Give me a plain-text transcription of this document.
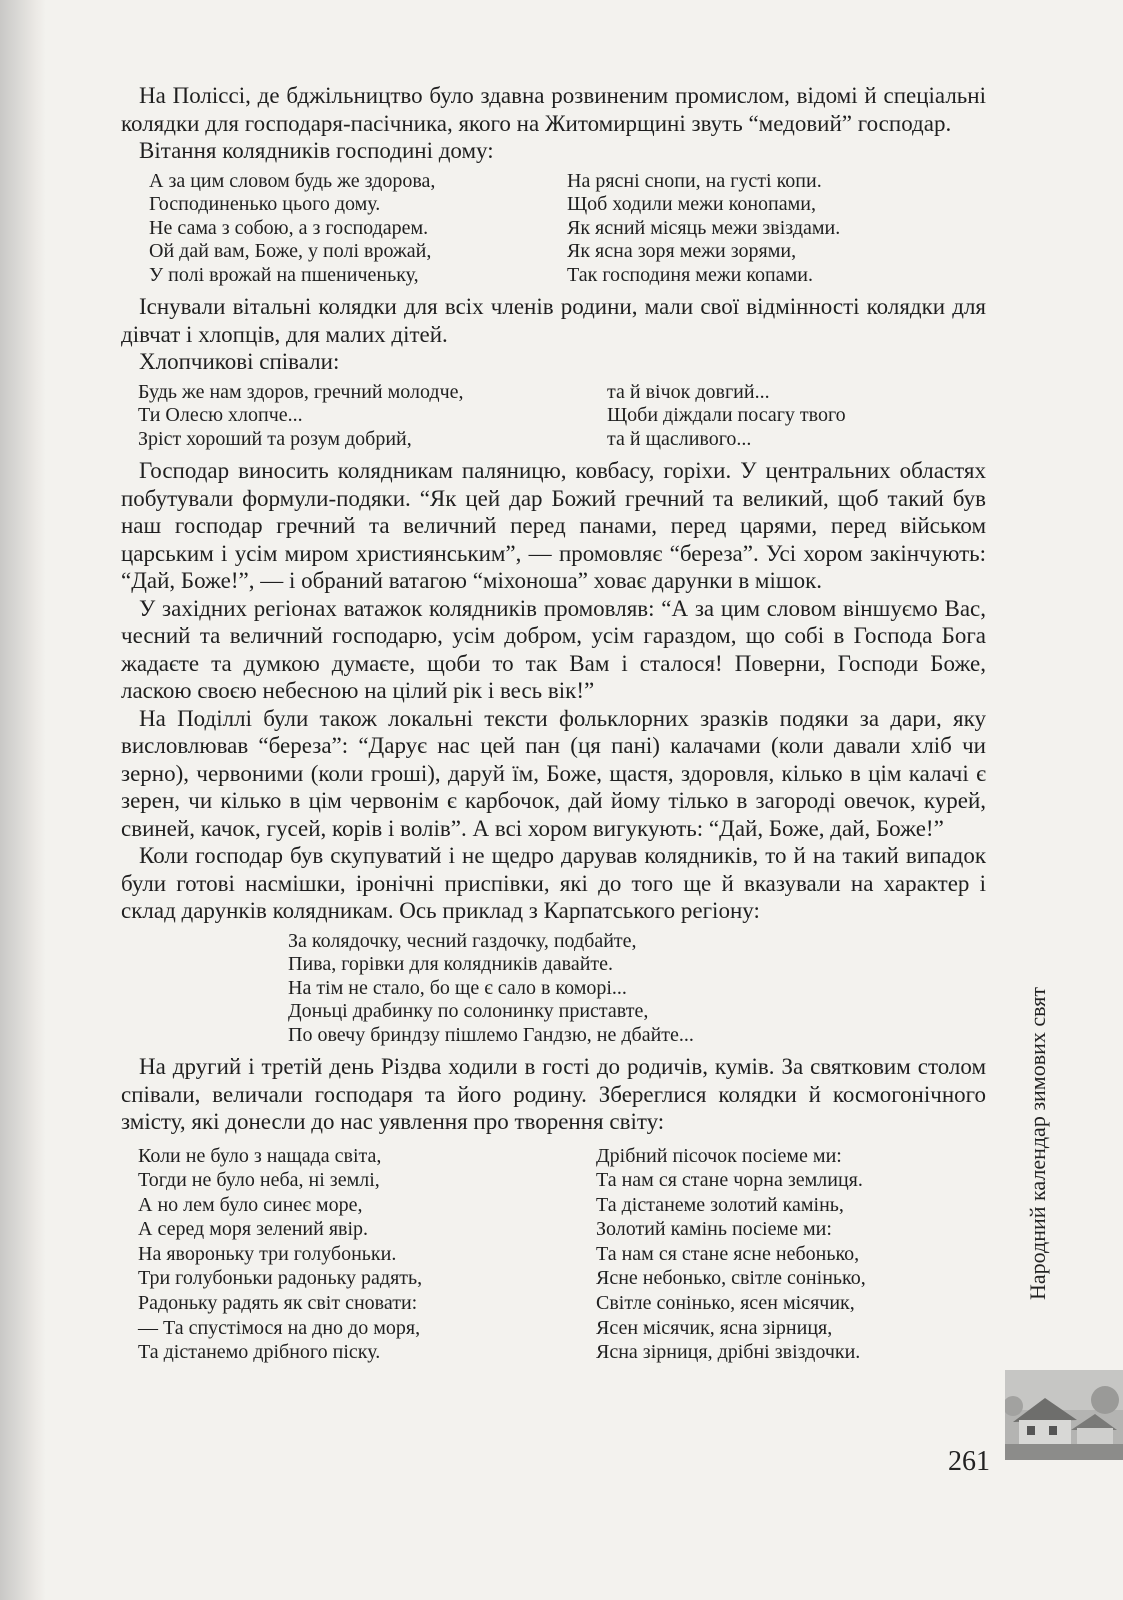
На Поліссі, де бджільництво було здавна розвиненим промислом, відомі й спеціальні колядки для господаря-пасічника, якого на Житомирщині звуть “медовий” господар.

Вітання колядників господині дому:

А за цим словом будь же здорова,
Господиненько цього дому.
Не сама з собою, а з господарем.
Ой дай вам, Боже, у полі врожай,
У полі врожай на пшениченьку,
На рясні снопи, на густі копи.
Щоб ходили межи конопами,
Як ясний місяць межи звіздами.
Як ясна зоря межи зорями,
Так господиня межи копами.

Існували вітальні колядки для всіх членів родини, мали свої відмінності колядки для дівчат і хлопців, для малих дітей.

Хлопчикові співали:

Будь же нам здоров, гречний молодче,
Ти Олесю хлопче...
Зріст хороший та розум добрий,
та й вічок довгий...
Щоби діждали посагу твого
та й щасливого...

Господар виносить колядникам паляницю, ковбасу, горіхи. У центральних областях побутували формули-подяки. “Як цей дар Божий гречний та великий, щоб такий був наш господар гречний та величний перед панами, перед царями, перед військом царським і усім миром християнським”, — промовляє “береза”. Усі хором закінчують: “Дай, Боже!”, — і обраний ватагою “міхоноша” ховає дарунки в мішок.

У західних регіонах ватажок колядників промовляв: “А за цим словом віншуємо Вас, чесний та величний господарю, усім добром, усім гараздом, що собі в Господа Бога жадаєте та думкою думаєте, щоби то так Вам і сталося! Поверни, Господи Боже, ласкою своєю небесною на цілий рік і весь вік!”

На Поділлі були також локальні тексти фольклорних зразків подяки за дари, яку висловлював “береза”: “Дарує нас цей пан (ця пані) калачами (коли давали хліб чи зерно), червоними (коли гроші), даруй їм, Боже, щастя, здоровля, кілько в цім калачі є зерен, чи кілько в цім червонім є карбочок, дай йому тілько в загороді овечок, курей, свиней, качок, гусей, корів і волів”. А всі хором вигукують: “Дай, Боже, дай, Боже!”

Коли господар був скупуватий і не щедро дарував колядників, то й на такий випадок були готові насмішки, іронічні приспівки, які до того ще й вказували на характер і склад дарунків колядникам. Ось приклад з Карпатського регіону:

За колядочку, чесний газдочку, подбайте,
Пива, горівки для колядників давайте.
На тім не стало, бо ще є сало в коморі...
Доньці драбинку по солонинку приставте,
По овечу бриндзу пішлемо Гандзю, не дбайте...

На другий і третій день Різдва ходили в гості до родичів, кумів. За святковим столом співали, величали господаря та його родину. Збереглися колядки й космогонічного змісту, які донесли до нас уявлення про творення світу:

Коли не було з нащада світа,
Тогди не було неба, ні землі,
А но лем було синеє море,
А серед моря зелений явір.
На явороньку три голубоньки.
Три голубоньки радоньку радять,
Радоньку радять як світ сновати:
— Та спустімося на дно до моря,
Та дістанемо дрібного піску.
Дрібний пісочок посіеме ми:
Та нам ся стане чорна землиця.
Та дістанеме золотий камінь,
Золотий камінь посіеме ми:
Та нам ся стане ясне небонько,
Ясне небонько, світле сонінько,
Світле сонінько, ясен місячик,
Ясен місячик, ясна зірниця,
Ясна зірниця, дрібні звіздочки.
Народний календар зимових свят
261
